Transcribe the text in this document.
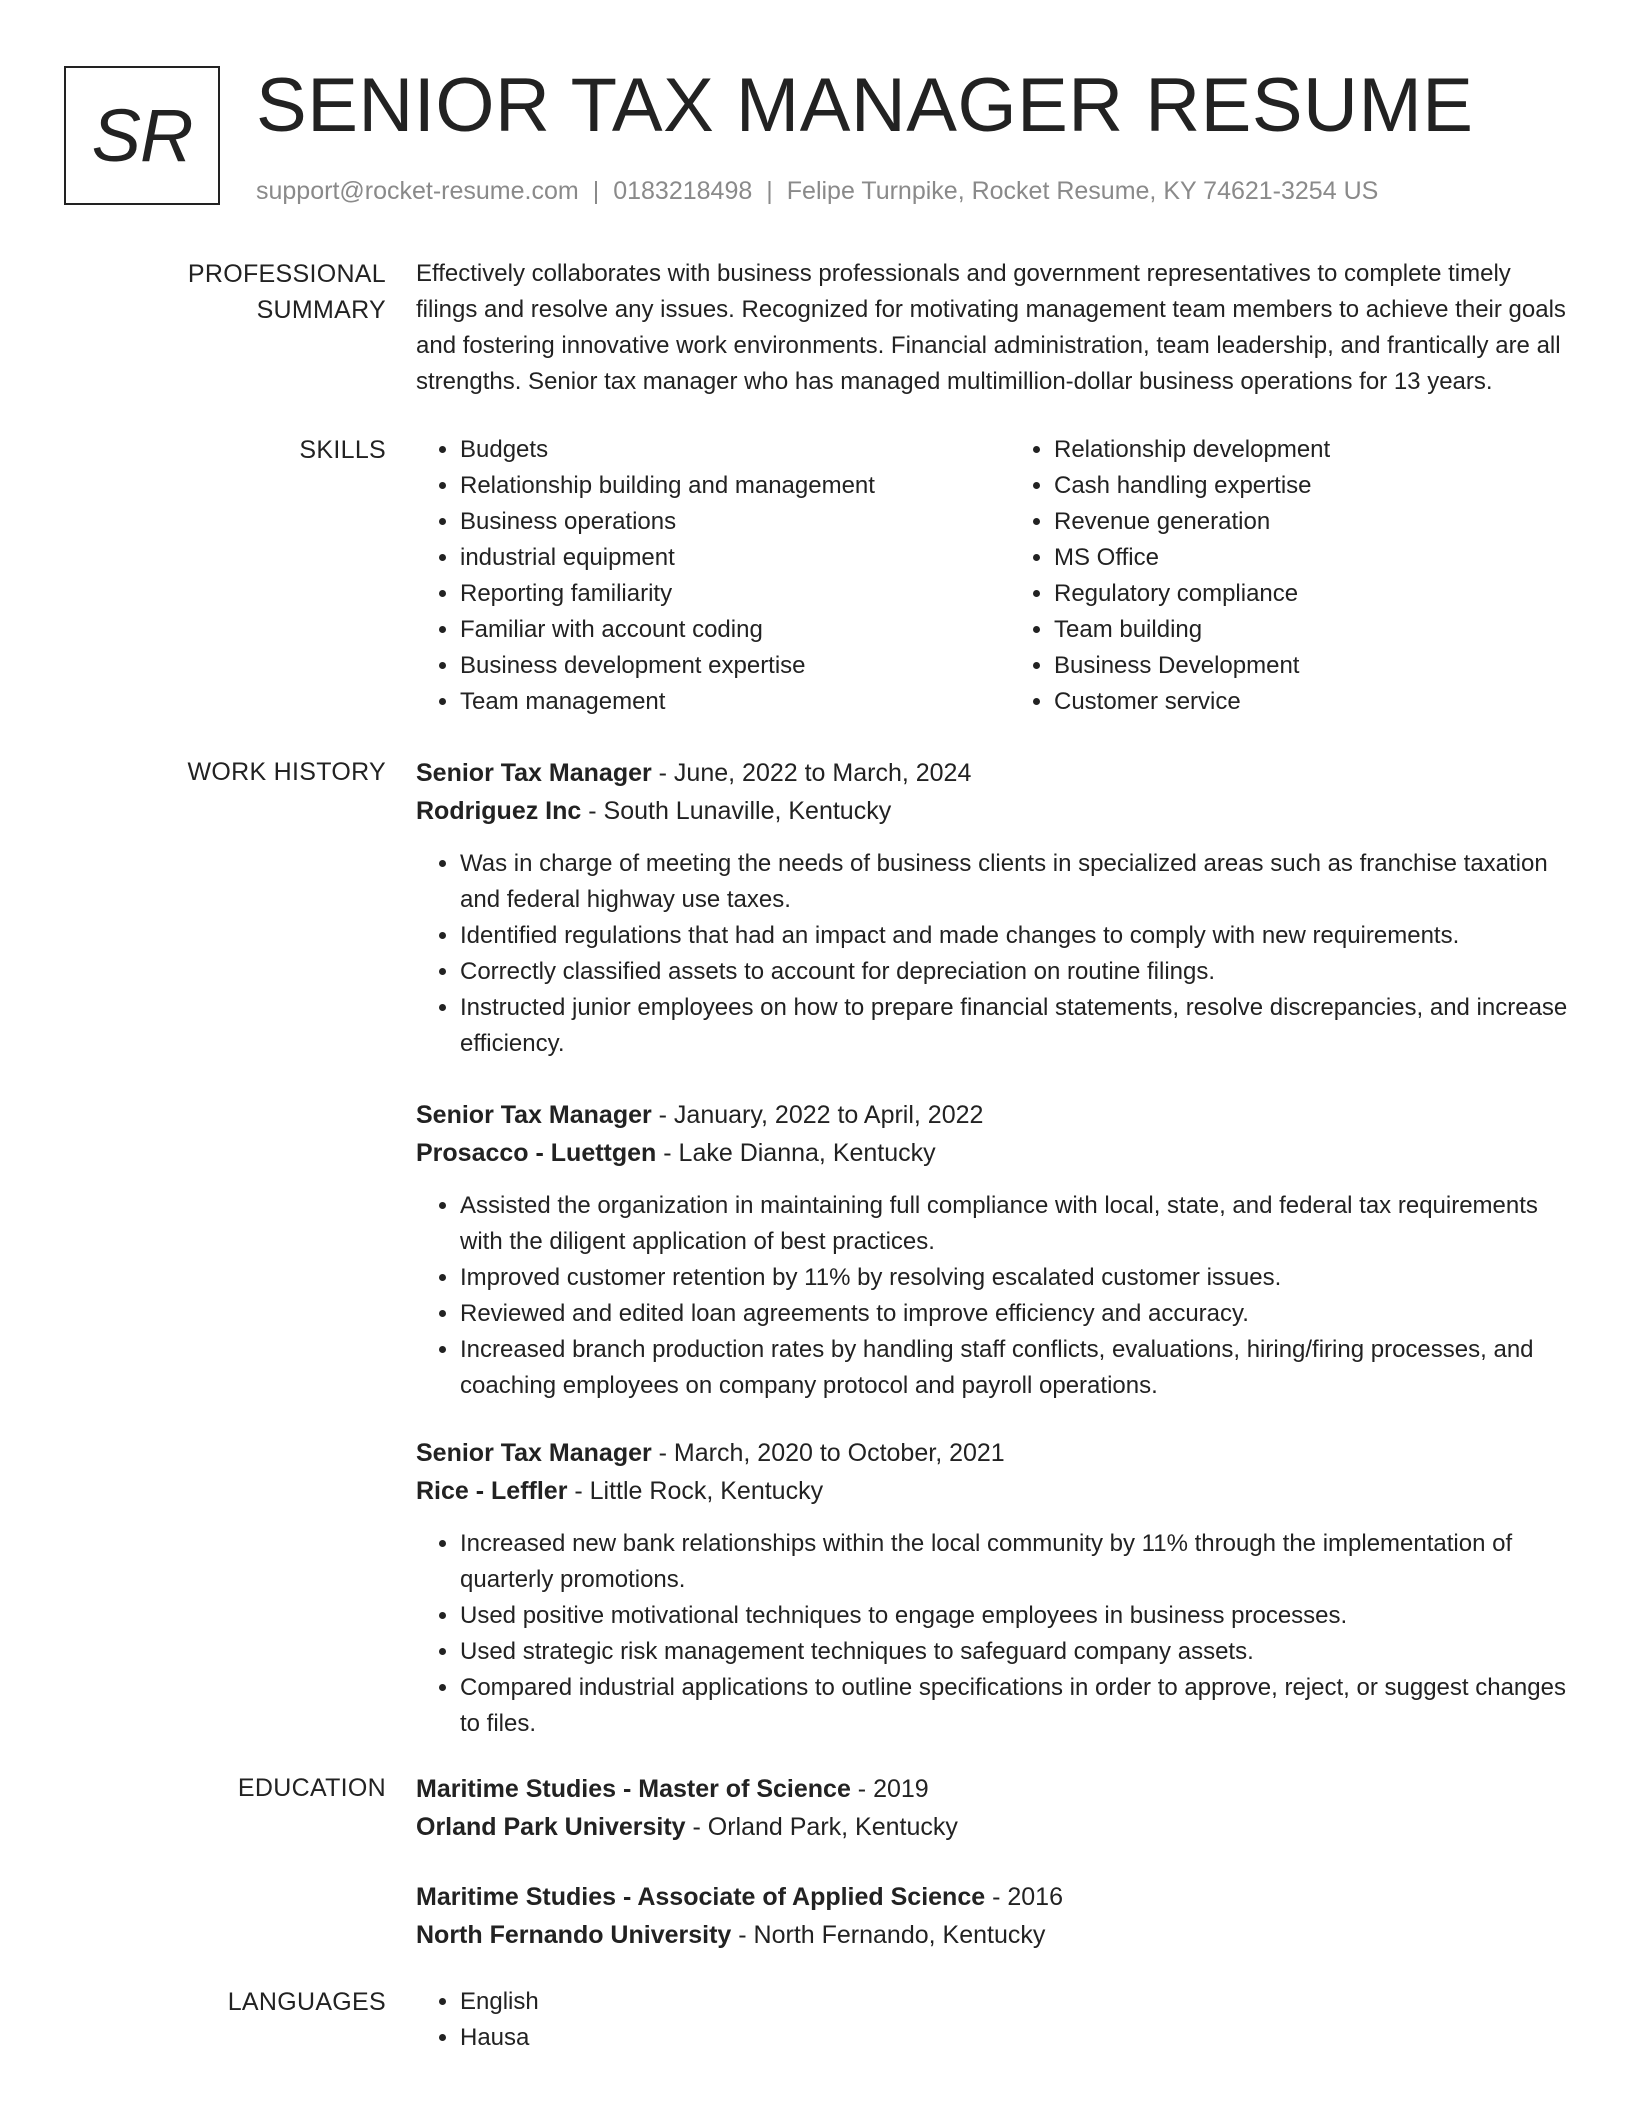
SR SENIOR TAX MANAGER RESUME
support@rocket-resume.com | 0183218498 | Felipe Turnpike, Rocket Resume, KY 74621-3254 US
PROFESSIONAL SUMMARY

Effectively collaborates with business professionals and government representatives to complete timely filings and resolve any issues. Recognized for motivating management team members to achieve their goals and fostering innovative work environments. Financial administration, team leadership, and frantically are all strengths. Senior tax manager who has managed multimillion-dollar business operations for 13 years.

SKILLS	• Budgets
• Relationship building and management
• Business operations
• industrial equipment
• Reporting familiarity
• Familiar with account coding
• Business development expertise
• Team management
• Relationship development
• Cash handling expertise
• Revenue generation
• MS Office
• Regulatory compliance
• Team building
• Business Development
• Customer service
WORK HISTORY	Senior Tax Manager - June, 2022 to March, 2024
Rodriguez Inc - South Lunaville, Kentucky
• Was in charge of meeting the needs of business clients in specialized areas such as franchise taxation and federal highway use taxes.
• Identified regulations that had an impact and made changes to comply with new requirements.
• Correctly classified assets to account for depreciation on routine filings.
• Instructed junior employees on how to prepare financial statements, resolve discrepancies, and increase efficiency.
Senior Tax Manager - January, 2022 to April, 2022
Prosacco - Luettgen - Lake Dianna, Kentucky
• Assisted the organization in maintaining full compliance with local, state, and federal tax requirements with the diligent application of best practices.
• Improved customer retention by 11% by resolving escalated customer issues.
• Reviewed and edited loan agreements to improve efficiency and accuracy.
• Increased branch production rates by handling staff conflicts, evaluations, hiring/firing processes, and coaching employees on company protocol and payroll operations.
Senior Tax Manager - March, 2020 to October, 2021
Rice - Leffler - Little Rock, Kentucky
• Increased new bank relationships within the local community by 11% through the implementation of quarterly promotions.
• Used positive motivational techniques to engage employees in business processes.
• Used strategic risk management techniques to safeguard company assets.
• Compared industrial applications to outline specifications in order to approve, reject, or suggest changes to files.
EDUCATION	Maritime Studies - Master of Science - 2019
Orland Park University - Orland Park, Kentucky
Maritime Studies - Associate of Applied Science - 2016
North Fernando University - North Fernando, Kentucky
LANGUAGES	• English
• Hausa
